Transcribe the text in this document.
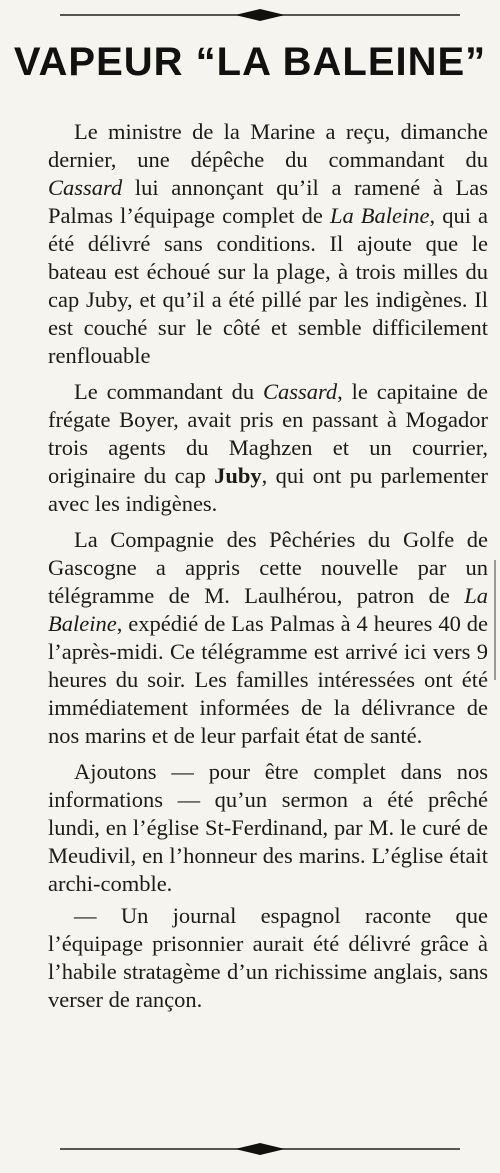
VAPEUR “LA BALEINE”

Le ministre de la Marine a reçu, dimanche dernier, une dépêche du commandant du Cassard lui annonçant qu’il a ramené à Las Palmas l’équipage complet de La Baleine, qui a été délivré sans conditions. Il ajoute que le bateau est échoué sur la plage, à trois milles du cap Juby, et qu’il a été pillé par les indigènes. Il est couché sur le côté et semble difficilement renflouable

Le commandant du Cassard, le capitaine de frégate Boyer, avait pris en passant à Mogador trois agents du Maghzen et un courrier, originaire du cap Juby, qui ont pu parlementer avec les indigènes.

La Compagnie des Pêchéries du Golfe de Gascogne a appris cette nouvelle par un télégramme de M. Laulhérou, patron de La Baleine, expédié de Las Palmas à 4 heures 40 de l’après-midi. Ce télégramme est arrivé ici vers 9 heures du soir. Les familles intéressées ont été immédiatement informées de la délivrance de nos marins et de leur parfait état de santé.

Ajoutons — pour être complet dans nos informations — qu’un sermon a été prêché lundi, en l’église St-Ferdinand, par M. le curé de Meudivil, en l’honneur des marins. L’église était archi-comble.

— Un journal espagnol raconte que l’équipage prisonnier aurait été délivré grâce à l’habile stratagème d’un richissime anglais, sans verser de rançon.
